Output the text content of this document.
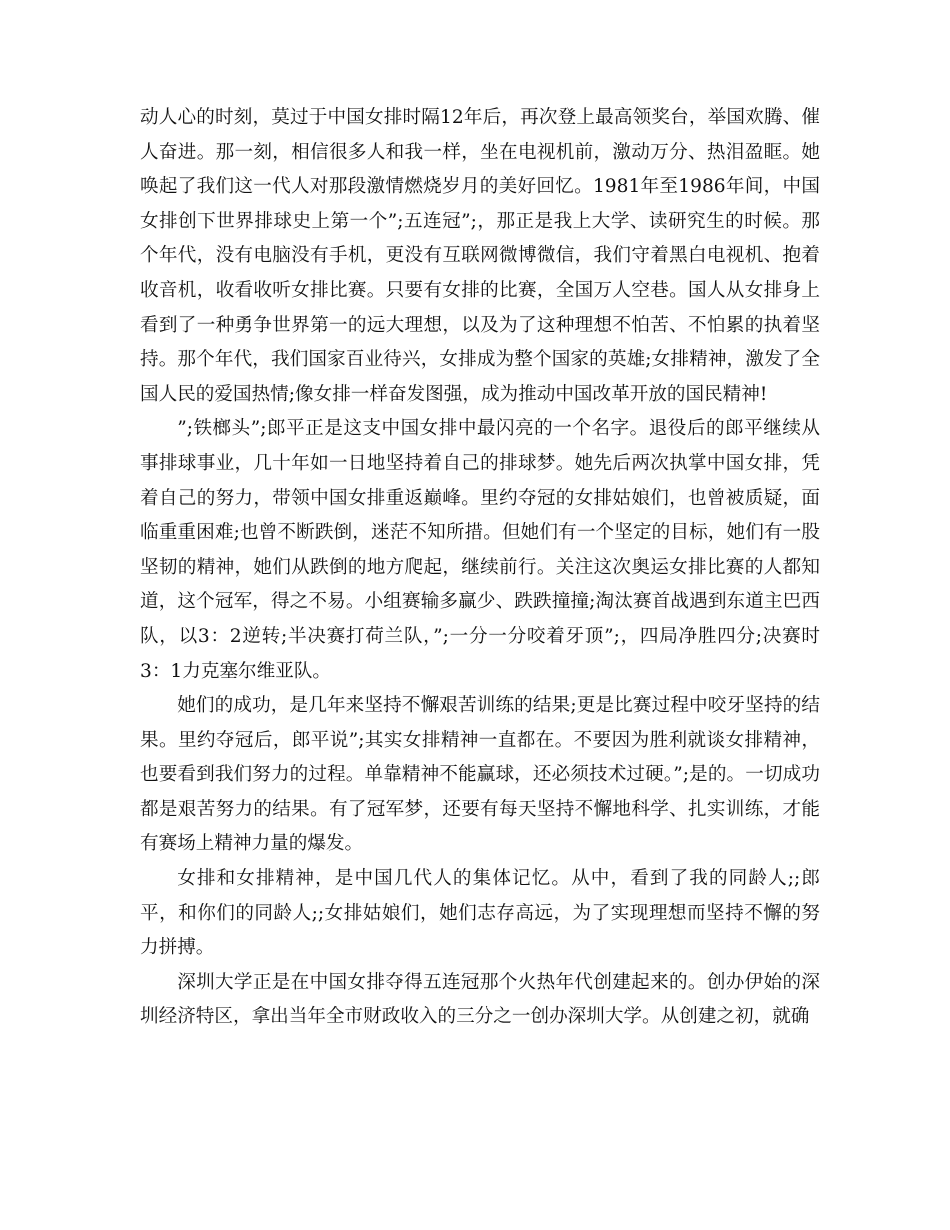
动人心的时刻，莫过于中国女排时隔12年后，再次登上最高领奖台，举国欢腾、催人奋进。那一刻，相信很多人和我一样，坐在电视机前，激动万分、热泪盈眶。她唤起了我们这一代人对那段激情燃烧岁月的美好回忆。1981年至1986年间，中国女排创下世界排球史上第一个”;五连冠”;，那正是我上大学、读研究生的时候。那个年代，没有电脑没有手机，更没有互联网微博微信，我们守着黑白电视机、抱着收音机，收看收听女排比赛。只要有女排的比赛，全国万人空巷。国人从女排身上看到了一种勇争世界第一的远大理想，以及为了这种理想不怕苦、不怕累的执着坚持。那个年代，我们国家百业待兴，女排成为整个国家的英雄;女排精神，激发了全国人民的爱国热情;像女排一样奋发图强，成为推动中国改革开放的国民精神!

”;铁榔头”;郎平正是这支中国女排中最闪亮的一个名字。退役后的郎平继续从事排球事业，几十年如一日地坚持着自己的排球梦。她先后两次执掌中国女排，凭着自己的努力，带领中国女排重返巅峰。里约夺冠的女排姑娘们，也曾被质疑，面临重重困难;也曾不断跌倒，迷茫不知所措。但她们有一个坚定的目标，她们有一股坚韧的精神，她们从跌倒的地方爬起，继续前行。关注这次奥运女排比赛的人都知道，这个冠军，得之不易。小组赛输多赢少、跌跌撞撞;淘汰赛首战遇到东道主巴西队，以3：2逆转;半决赛打荷兰队，”;一分一分咬着牙顶”;，四局净胜四分;决赛时3：1力克塞尔维亚队。

她们的成功，是几年来坚持不懈艰苦训练的结果;更是比赛过程中咬牙坚持的结果。里约夺冠后，郎平说”;其实女排精神一直都在。不要因为胜利就谈女排精神，也要看到我们努力的过程。单靠精神不能赢球，还必须技术过硬。”;是的。一切成功都是艰苦努力的结果。有了冠军梦，还要有每天坚持不懈地科学、扎实训练，才能有赛场上精神力量的爆发。

女排和女排精神，是中国几代人的集体记忆。从中，看到了我的同龄人;;郎平，和你们的同龄人;;女排姑娘们，她们志存高远，为了实现理想而坚持不懈的努力拼搏。

深圳大学正是在中国女排夺得五连冠那个火热年代创建起来的。创办伊始的深圳经济特区，拿出当年全市财政收入的三分之一创办深圳大学。从创建之初，就确
